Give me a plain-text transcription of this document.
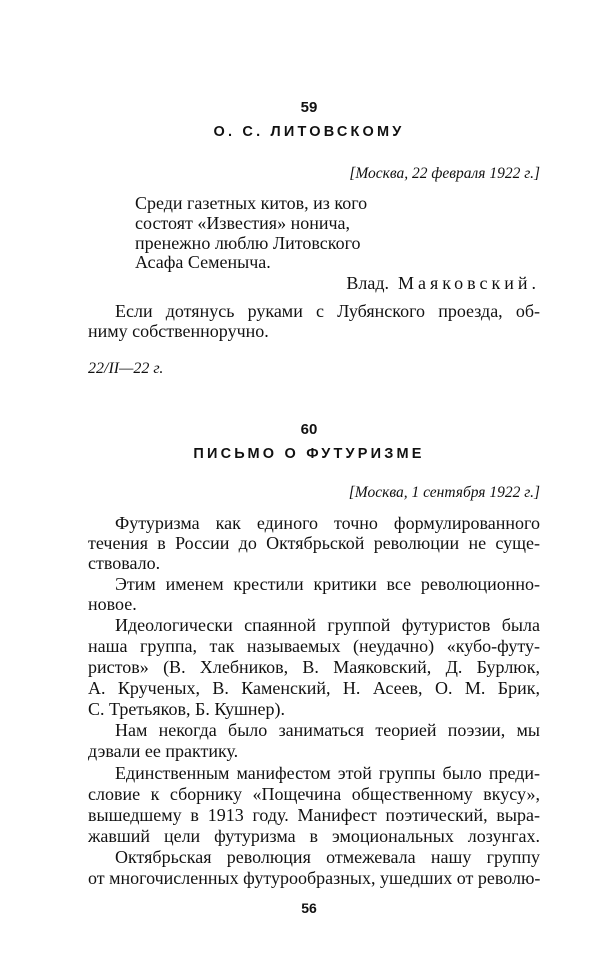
59
О. С. ЛИТОВСКОМУ
[Москва, 22 февраля 1922 г.]
Среди газетных китов, из кого
состоят «Известия» нонича,
пренежно люблю Литовского
Асафа Семеныча.
Влад. Маяковский.
Если дотянусь руками с Лубянского проезда, об-
ниму собственноручно.
22/II—22 г.
60
ПИСЬМО О ФУТУРИЗМЕ
[Москва, 1 сентября 1922 г.]
Футуризма как единого точно формулированного
течения в России до Октябрьской революции не суще-
ствовало.
Этим именем крестили критики все революционно-
новое.
Идеологически спаянной группой футуристов была
наша группа, так называемых (неудачно) «кубо-футу-
ристов» (В. Хлебников, В. Маяковский, Д. Бурлюк,
А. Крученых, В. Каменский, Н. Асеев, О. М. Брик,
С. Третьяков, Б. Кушнер).
Нам некогда было заниматься теорией поэзии, мы
дэвали ее практику.
Единственным манифестом этой группы было преди-
словие к сборнику «Пощечина общественному вкусу»,
вышедшему в 1913 году. Манифест поэтический, выра-
жавший цели футуризма в эмоциональных лозунгах.
Октябрьская революция отмежевала нашу группу
от многочисленных футурообразных, ушедших от револю-
56
